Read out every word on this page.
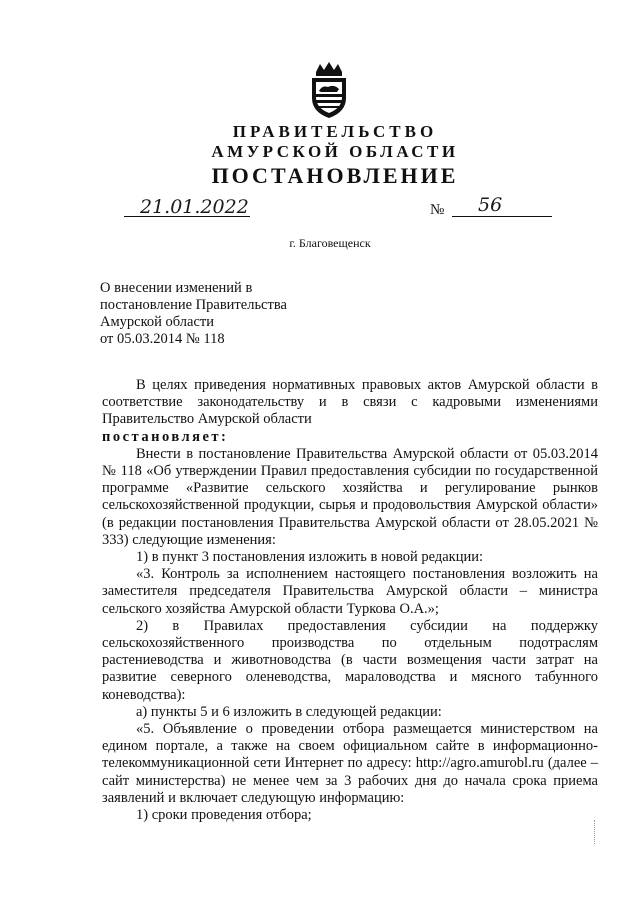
ПРАВИТЕЛЬСТВО
АМУРСКОЙ ОБЛАСТИ
ПОСТАНОВЛЕНИЕ
21.01.2022	№ 56
г. Благовещенск
О внесении изменений в
постановление Правительства
Амурской области
от 05.03.2014 № 118

В целях приведения нормативных правовых актов Амурской области в соответствие законодательству и в связи с кадровыми изменениями Правительство Амурской области

постановляет:

Внести в постановление Правительства Амурской области от 05.03.2014 № 118 «Об утверждении Правил предоставления субсидии по государственной программе «Развитие сельского хозяйства и регулирование рынков сельскохозяйственной продукции, сырья и продовольствия Амурской области» (в редакции постановления Правительства Амурской области от 28.05.2021 № 333) следующие изменения:

1) в пункт 3 постановления изложить в новой редакции:

«3. Контроль за исполнением настоящего постановления возложить на заместителя председателя Правительства Амурской области – министра сельского хозяйства Амурской области Туркова О.А.»;

2) в Правилах предоставления субсидии на поддержку сельскохозяйственного производства по отдельным подотраслям растениеводства и животноводства (в части возмещения части затрат на развитие северного оленеводства, мараловодства и мясного табунного коневодства):

а) пункты 5 и 6 изложить в следующей редакции:

«5. Объявление о проведении отбора размещается министерством на едином портале, а также на своем официальном сайте в информационно-телекоммуникационной сети Интернет по адресу: http://agro.amurobl.ru (далее – сайт министерства) не менее чем за 3 рабочих дня до начала срока приема заявлений и включает следующую информацию:

1) сроки проведения отбора;
